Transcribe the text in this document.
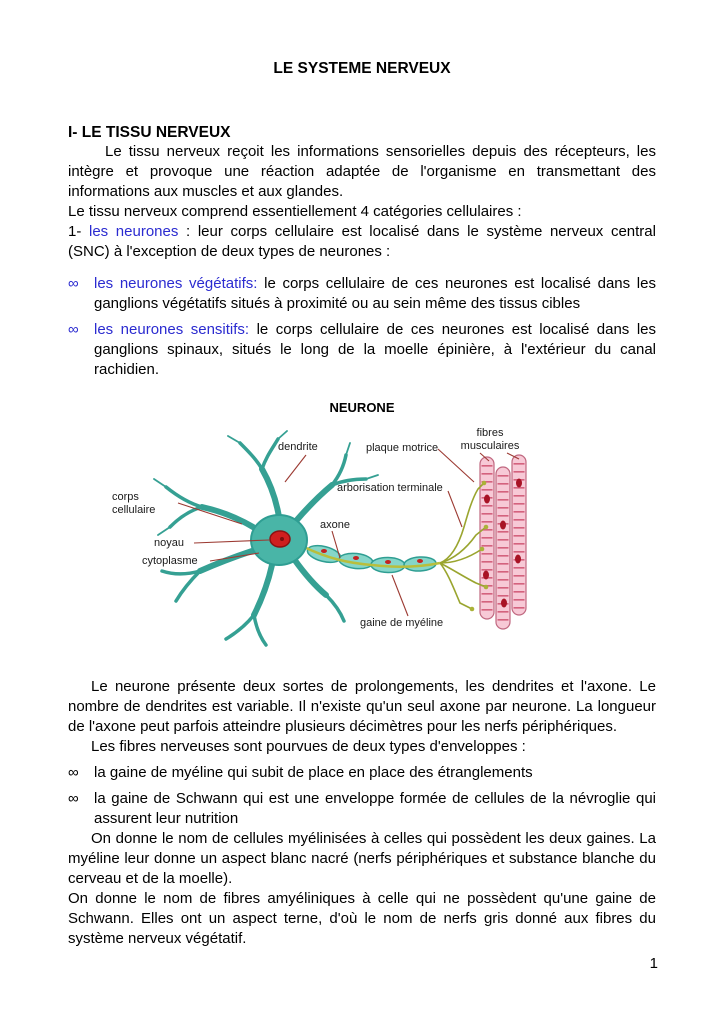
LE SYSTEME NERVEUX
I- LE TISSU NERVEUX

Le tissu nerveux reçoit les informations sensorielles depuis des récepteurs, les intègre et provoque une réaction adaptée de l'organisme en transmettant des informations aux muscles et aux glandes.

Le tissu nerveux comprend essentiellement 4 catégories cellulaires :

1- les neurones : leur corps cellulaire est localisé dans le système nerveux central (SNC) à l'exception de deux types de neurones :

∞	les neurones végétatifs: le corps cellulaire de ces neurones est localisé dans les ganglions végétatifs situés à proximité ou au sein même des tissus cibles
∞	les neurones sensitifs: le corps cellulaire de ces neurones est localisé dans les ganglions spinaux, situés le long de la moelle épinière, à l'extérieur du canal rachidien.
NEURONE
dendrite	plaque motrice
fibres musculaires
corps cellulaire
arborisation terminale
axone
noyau
cytoplasme
gaine de myéline

Le neurone présente deux sortes de prolongements, les dendrites et l'axone. Le nombre de dendrites est variable. Il n'existe qu'un seul axone par neurone. La longueur de l'axone peut parfois atteindre plusieurs décimètres pour les nerfs périphériques.

Les fibres nerveuses sont pourvues de deux types d'enveloppes :

∞	la gaine de myéline qui subit de place en place des étranglements
∞	la gaine de Schwann qui est une enveloppe formée de cellules de la névroglie qui assurent leur nutrition

On donne le nom de cellules myélinisées à celles qui possèdent les deux gaines. La myéline leur donne un aspect blanc nacré (nerfs périphériques et substance blanche du cerveau et de la moelle).

On donne le nom de fibres amyéliniques à celle qui ne possèdent qu'une gaine de Schwann. Elles ont un aspect terne, d'où le nom de nerfs gris donné aux fibres du système nerveux végétatif.

1
